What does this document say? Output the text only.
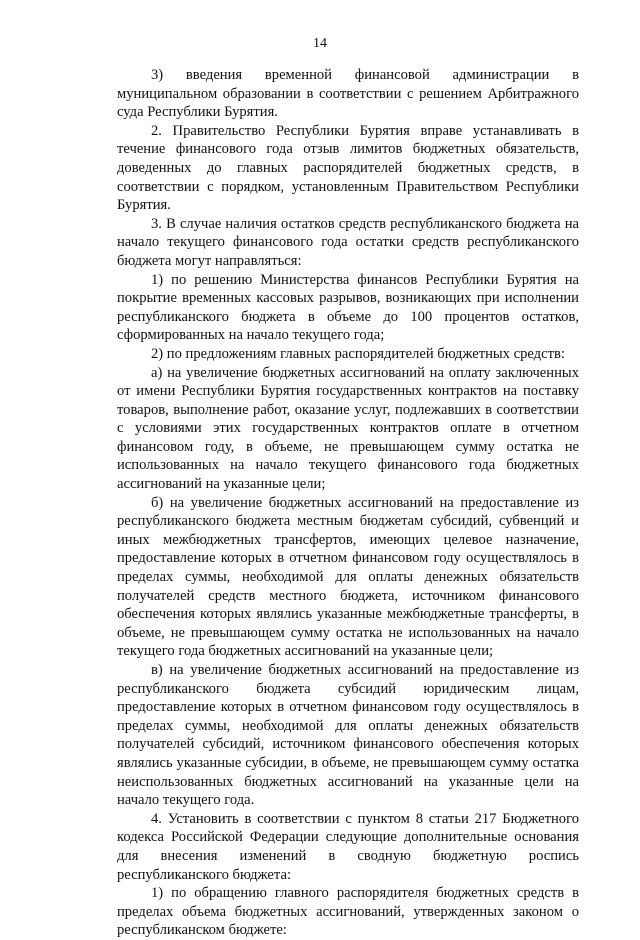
14

3) введения временной финансовой администрации в муниципальном образовании в соответствии с решением Арбитражного суда Республики Бурятия.

2. Правительство Республики Бурятия вправе устанавливать в течение финансового года отзыв лимитов бюджетных обязательств, доведенных до главных распорядителей бюджетных средств, в соответствии с порядком, установленным Правительством Республики Бурятия.

3. В случае наличия остатков средств республиканского бюджета на начало текущего финансового года остатки средств республиканского бюджета могут направляться:

1) по решению Министерства финансов Республики Бурятия на покрытие временных кассовых разрывов, возникающих при исполнении республиканского бюджета в объеме до 100 процентов остатков, сформированных на начало текущего года;

2) по предложениям главных распорядителей бюджетных средств:

а) на увеличение бюджетных ассигнований на оплату заключенных от имени Республики Бурятия государственных контрактов на поставку товаров, выполнение работ, оказание услуг, подлежавших в соответствии с условиями этих государственных контрактов оплате в отчетном финансовом году, в объеме, не превышающем сумму остатка не использованных на начало текущего финансового года бюджетных ассигнований на указанные цели;

б) на увеличение бюджетных ассигнований на предоставление из республиканского бюджета местным бюджетам субсидий, субвенций и иных межбюджетных трансфертов, имеющих целевое назначение, предоставление которых в отчетном финансовом году осуществлялось в пределах суммы, необходимой для оплаты денежных обязательств получателей средств местного бюджета, источником финансового обеспечения которых являлись указанные межбюджетные трансферты, в объеме, не превышающем сумму остатка не использованных на начало текущего года бюджетных ассигнований на указанные цели;

в) на увеличение бюджетных ассигнований на предоставление из республиканского бюджета субсидий юридическим лицам, предоставление которых в отчетном финансовом году осуществлялось в пределах суммы, необходимой для оплаты денежных обязательств получателей субсидий, источником финансового обеспечения которых являлись указанные субсидии, в объеме, не превышающем сумму остатка неиспользованных бюджетных ассигнований на указанные цели на начало текущего года.

4. Установить в соответствии с пунктом 8 статьи 217 Бюджетного кодекса Российской Федерации следующие дополнительные основания для внесения изменений в сводную бюджетную роспись республиканского бюджета:

1) по обращению главного распорядителя бюджетных средств в пределах объема бюджетных ассигнований, утвержденных законом о республиканском бюджете:
